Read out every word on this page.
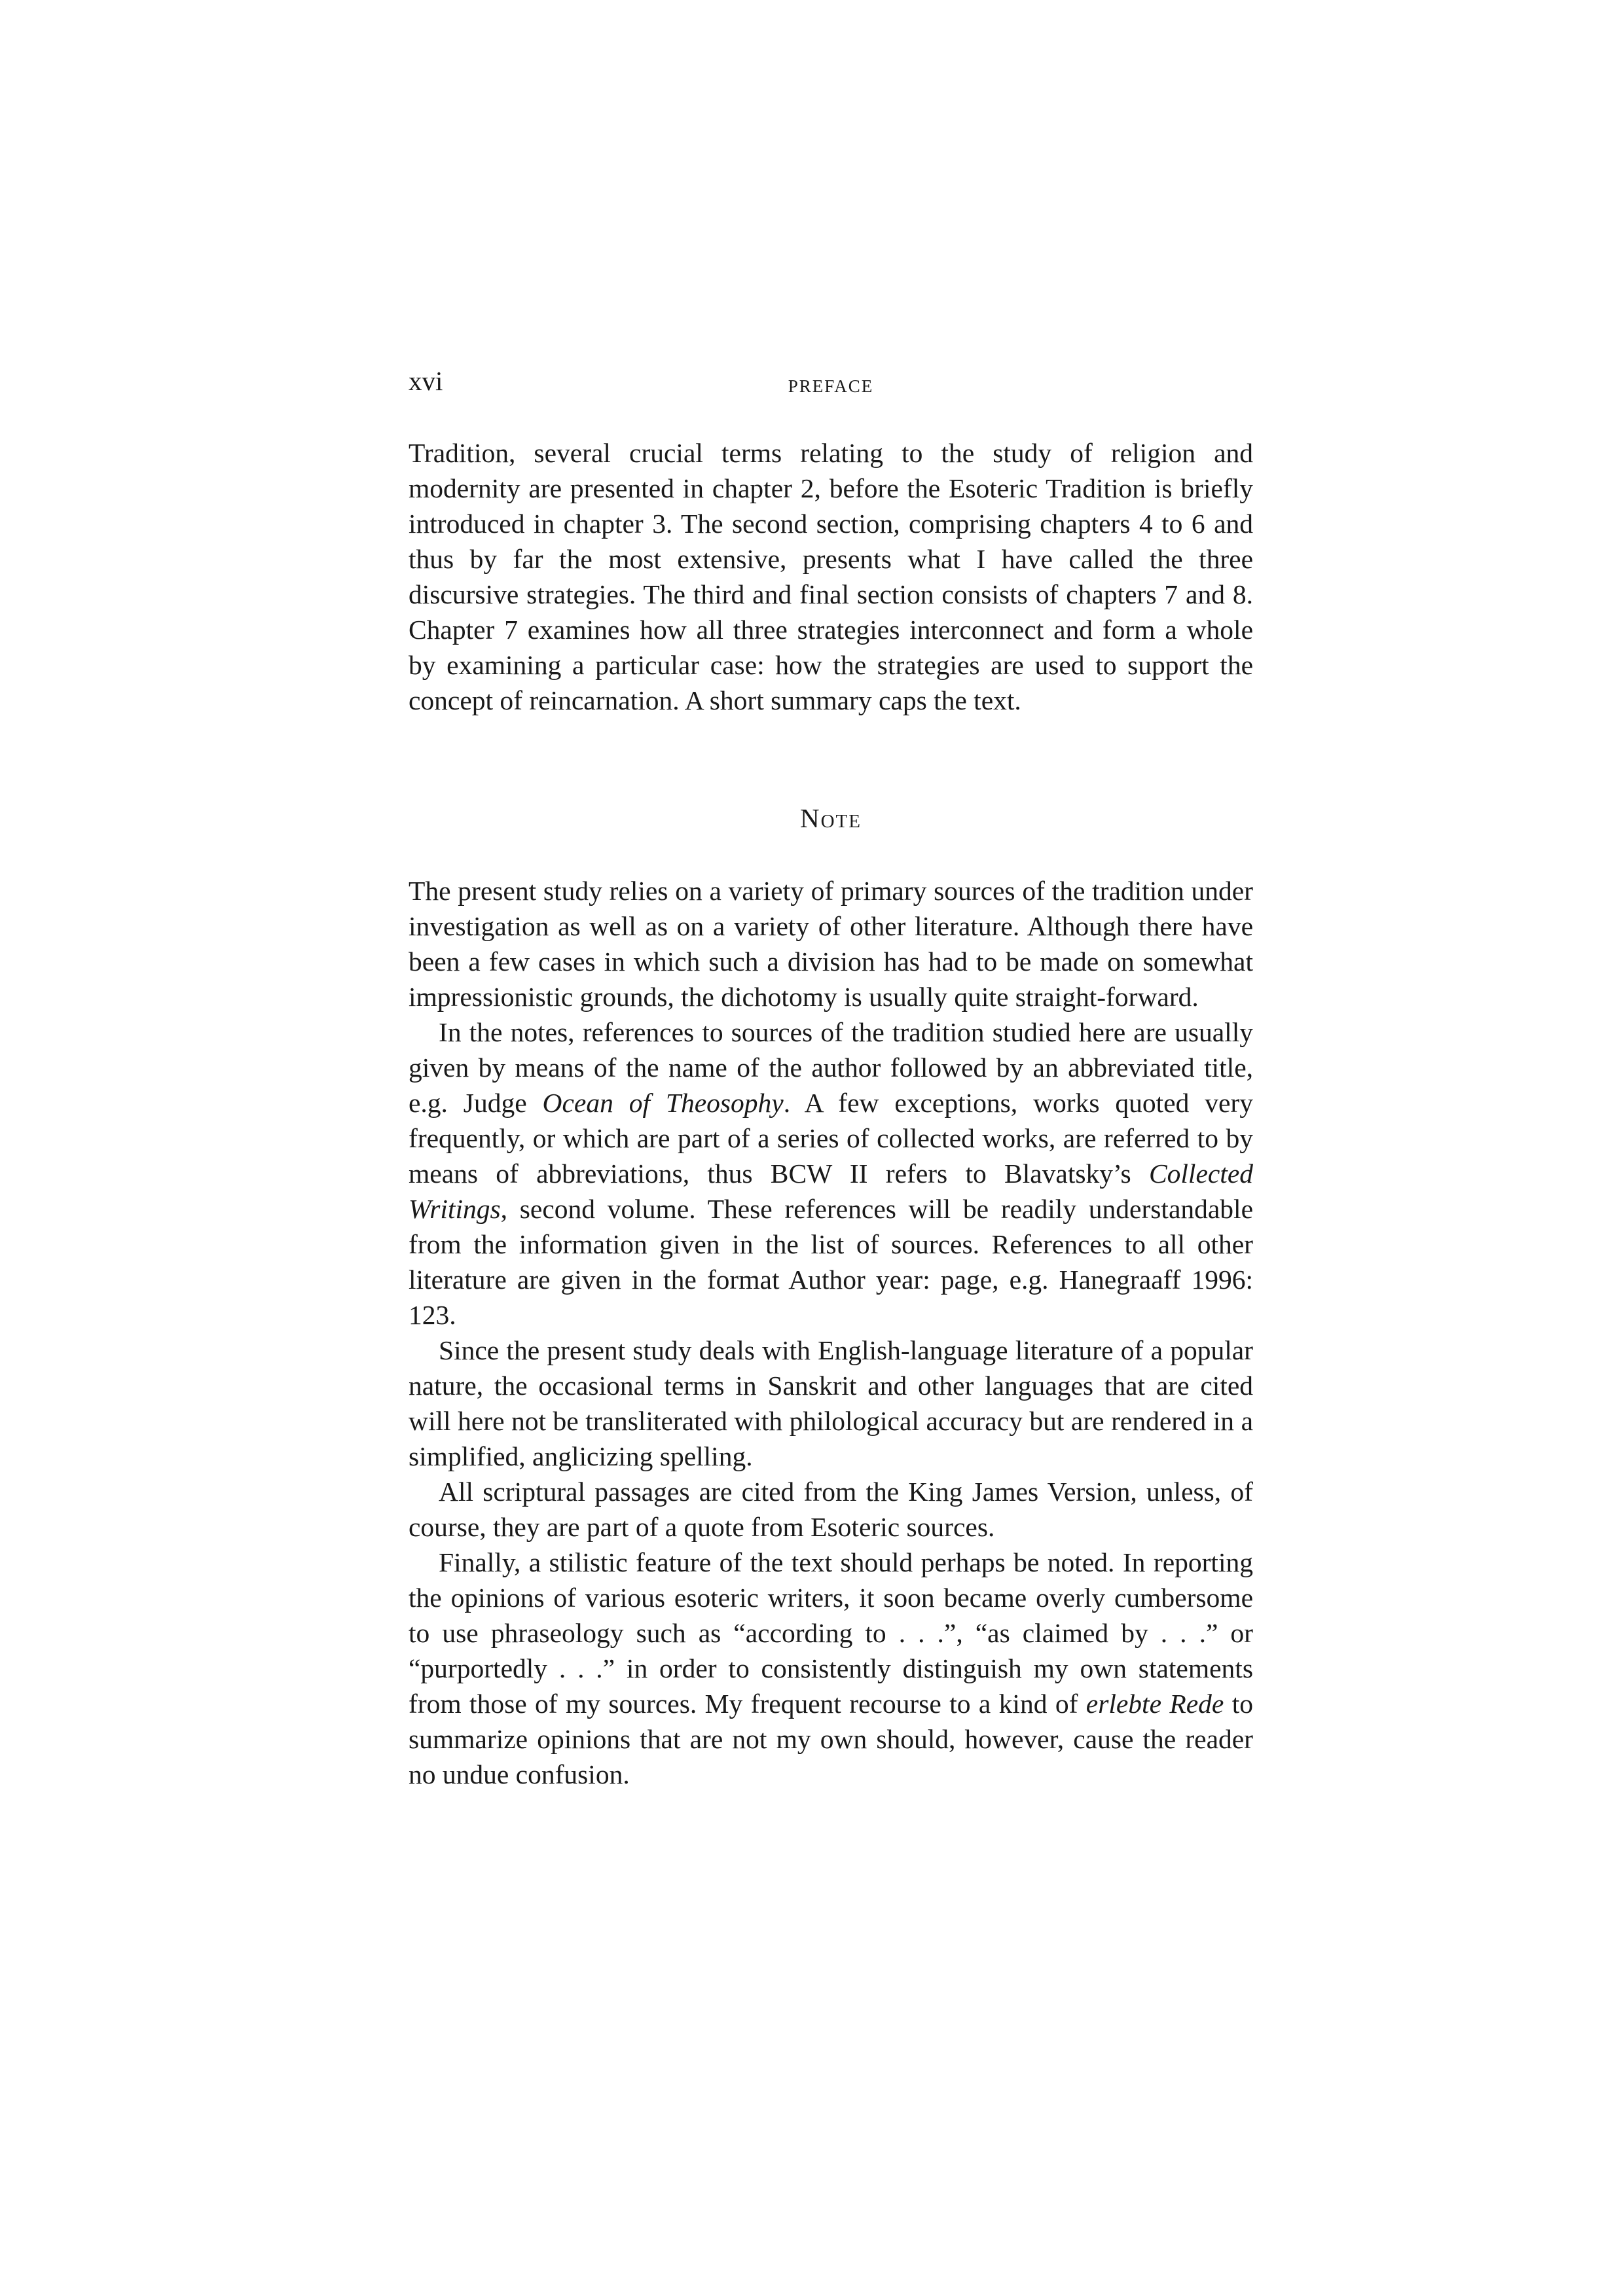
xvi	preface

Tradition, several crucial terms relating to the study of religion and modernity are presented in chapter 2, before the Esoteric Tradition is briefly introduced in chapter 3. The second section, comprising chapters 4 to 6 and thus by far the most extensive, presents what I have called the three discursive strategies. The third and final section consists of chapters 7 and 8. Chapter 7 examines how all three strategies interconnect and form a whole by examining a particular case: how the strategies are used to support the concept of reincarnation. A short summary caps the text.

Note

The present study relies on a variety of primary sources of the tradition under investigation as well as on a variety of other literature. Although there have been a few cases in which such a division has had to be made on somewhat impressionistic grounds, the dichotomy is usually quite straight-forward.

In the notes, references to sources of the tradition studied here are usually given by means of the name of the author followed by an abbreviated title, e.g. Judge Ocean of Theosophy. A few exceptions, works quoted very frequently, or which are part of a series of collected works, are referred to by means of abbreviations, thus BCW II refers to Blavatsky’s Collected Writings, second volume. These references will be readily understandable from the information given in the list of sources. References to all other literature are given in the format Author year: page, e.g. Hanegraaff 1996: 123.

Since the present study deals with English-language literature of a popular nature, the occasional terms in Sanskrit and other languages that are cited will here not be transliterated with philological accuracy but are rendered in a simplified, anglicizing spelling.

All scriptural passages are cited from the King James Version, unless, of course, they are part of a quote from Esoteric sources.

Finally, a stilistic feature of the text should perhaps be noted. In reporting the opinions of various esoteric writers, it soon became overly cumbersome to use phraseology such as “according to . . .”, “as claimed by . . .” or “purportedly . . .” in order to consistently distinguish my own statements from those of my sources. My frequent recourse to a kind of erlebte Rede to summarize opinions that are not my own should, however, cause the reader no undue confusion.
